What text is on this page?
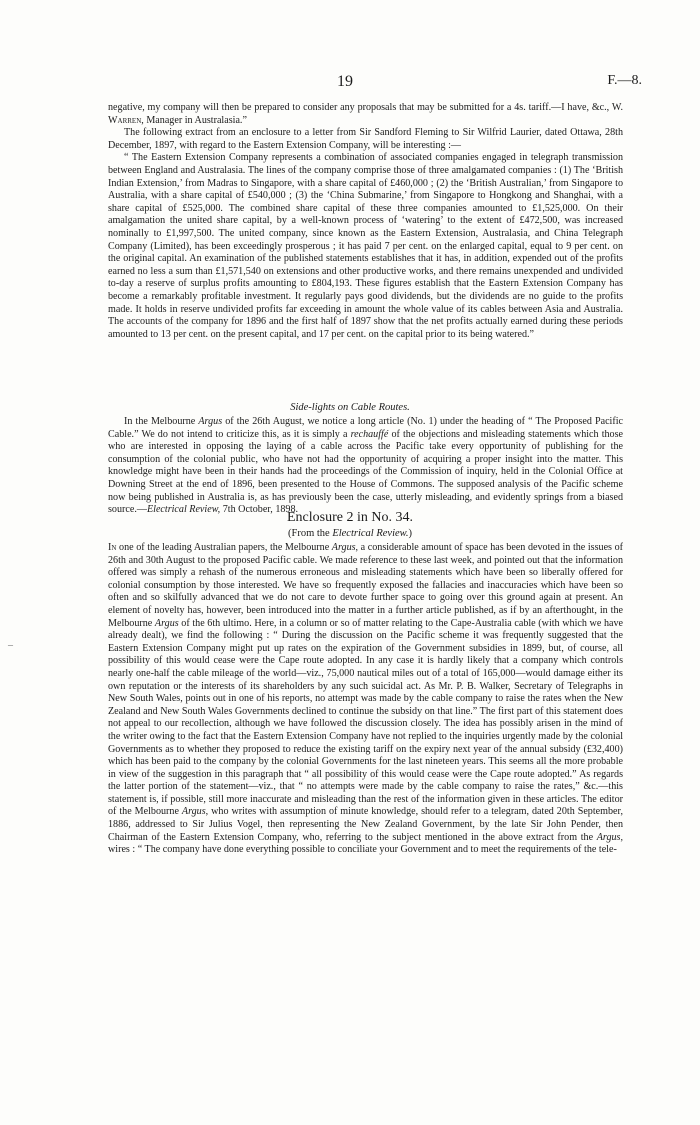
19	F.—8.

negative, my company will then be prepared to consider any proposals that may be submitted for a 4s. tariff.—I have, &c., W. Warren, Manager in Australasia.”

The following extract from an enclosure to a letter from Sir Sandford Fleming to Sir Wilfrid Laurier, dated Ottawa, 28th December, 1897, with regard to the Eastern Extension Company, will be interesting :—

“ The Eastern Extension Company represents a combination of associated companies engaged in telegraph transmission between England and Australasia. The lines of the company comprise those of three amalgamated companies : (1) The ‘British Indian Extension,’ from Madras to Singapore, with a share capital of £460,000 ; (2) the ‘British Australian,’ from Singapore to Australia, with a share capital of £540,000 ; (3) the ‘China Submarine,’ from Singapore to Hongkong and Shanghai, with a share capital of £525,000. The combined share capital of these three companies amounted to £1,525,000. On their amalgamation the united share capital, by a well-known process of ‘watering’ to the extent of £472,500, was increased nominally to £1,997,500. The united company, since known as the Eastern Extension, Australasia, and China Telegraph Company (Limited), has been exceedingly prosperous ; it has paid 7 per cent. on the enlarged capital, equal to 9 per cent. on the original capital. An examination of the published statements establishes that it has, in addition, expended out of the profits earned no less a sum than £1,571,540 on extensions and other productive works, and there remains unexpended and undivided to-day a reserve of surplus profits amounting to £804,193. These figures establish that the Eastern Extension Company has become a remarkably profitable investment. It regularly pays good dividends, but the dividends are no guide to the profits made. It holds in reserve undivided profits far exceeding in amount the whole value of its cables between Asia and Australia. The accounts of the company for 1896 and the first half of 1897 show that the net profits actually earned during these periods amounted to 13 per cent. on the present capital, and 17 per cent. on the capital prior to its being watered.”

Side-lights on Cable Routes.

In the Melbourne Argus of the 26th August, we notice a long article (No. 1) under the heading of “ The Proposed Pacific Cable.” We do not intend to criticize this, as it is simply a rechauffé of the objections and misleading statements which those who are interested in opposing the laying of a cable across the Pacific take every opportunity of publishing for the consumption of the colonial public, who have not had the opportunity of acquiring a proper insight into the matter. This knowledge might have been in their hands had the proceedings of the Commission of inquiry, held in the Colonial Office at Downing Street at the end of 1896, been presented to the House of Commons. The supposed analysis of the Pacific scheme now being published in Australia is, as has previously been the case, utterly misleading, and evidently springs from a biased source.—Electrical Review, 7th October, 1898.

Enclosure 2 in No. 34.
(From the Electrical Review.)

In one of the leading Australian papers, the Melbourne Argus, a considerable amount of space has been devoted in the issues of 26th and 30th August to the proposed Pacific cable. We made reference to these last week, and pointed out that the information offered was simply a rehash of the numerous erroneous and misleading statements which have been so liberally offered for colonial consumption by those interested. We have so frequently exposed the fallacies and inaccuracies which have been so often and so skilfully advanced that we do not care to devote further space to going over this ground again at present. An element of novelty has, however, been introduced into the matter in a further article published, as if by an afterthought, in the Melbourne Argus of the 6th ultimo. Here, in a column or so of matter relating to the Cape-Australia cable (with which we have already dealt), we find the following : “ During the discussion on the Pacific scheme it was frequently suggested that the Eastern Extension Company might put up rates on the expiration of the Government subsidies in 1899, but, of course, all possibility of this would cease were the Cape route adopted. In any case it is hardly likely that a company which controls nearly one-half the cable mileage of the world—viz., 75,000 nautical miles out of a total of 165,000—would damage either its own reputation or the interests of its shareholders by any such suicidal act. As Mr. P. B. Walker, Secretary of Telegraphs in New South Wales, points out in one of his reports, no attempt was made by the cable company to raise the rates when the New Zealand and New South Wales Governments declined to continue the subsidy on that line.” The first part of this statement does not appeal to our recollection, although we have followed the discussion closely. The idea has possibly arisen in the mind of the writer owing to the fact that the Eastern Extension Company have not replied to the inquiries urgently made by the colonial Governments as to whether they proposed to reduce the existing tariff on the expiry next year of the annual subsidy (£32,400) which has been paid to the company by the colonial Governments for the last nineteen years. This seems all the more probable in view of the suggestion in this paragraph that “ all possibility of this would cease were the Cape route adopted.” As regards the latter portion of the statement—viz., that “ no attempts were made by the cable company to raise the rates,” &c.—this statement is, if possible, still more inaccurate and misleading than the rest of the information given in these articles. The editor of the Melbourne Argus, who writes with assumption of minute knowledge, should refer to a telegram, dated 20th September, 1886, addressed to Sir Julius Vogel, then representing the New Zealand Government, by the late Sir John Pender, then Chairman of the Eastern Extension Company, who, referring to the subject mentioned in the above extract from the Argus, wires : “ The company have done everything possible to conciliate your Government and to meet the requirements of the tele-

–
